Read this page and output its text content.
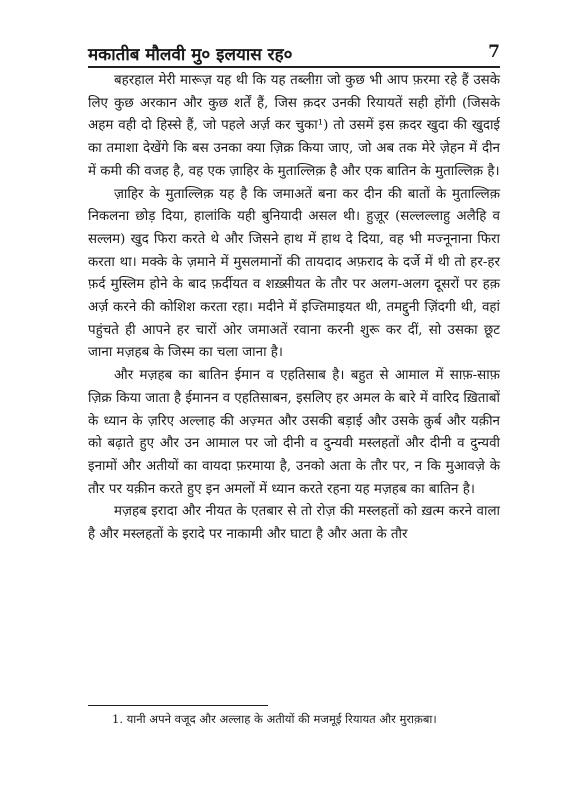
मकातीब मौलवी मु० इलयास रह०	7

बहरहाल मेरी मारूज़ यह थी कि यह तब्लीग़ जो कुछ भी आप फ़रमा रहे हैं उसके लिए कुछ अरकान और कुछ शर्तें हैं, जिस क़दर उनकी रियायतें सही होंगी (जिसके अहम वही दो हिस्से हैं, जो पहले अर्ज़ कर चुका¹) तो उसमें इस क़दर खुदा की खुदाई का तमाशा देखेंगे कि बस उनका क्या ज़िक्र किया जाए, जो अब तक मेरे ज़ेहन में दीन में कमी की वजह है, वह एक ज़ाहिर के मुताल्लिक़ है और एक बातिन के मुताल्लिक़ है।

ज़ाहिर के मुताल्लिक़ यह है कि जमाअतें बना कर दीन की बातों के मुताल्लिक़ निकलना छोड़ दिया, हालांकि यही बुनियादी असल थी। हुज़ूर (सल्लल्लाहु अलैहि व सल्लम) खुद फिरा करते थे और जिसने हाथ में हाथ दे दिया, वह भी मज्नूनाना फिरा करता था। मक्के के ज़माने में मुसलमानों की तायदाद अफ़राद के दर्जे में थी तो हर-हर फ़र्द मुस्लिम होने के बाद फ़र्दीयत व शख़्सीयत के तौर पर अलग-अलग दूसरों पर हक़ अर्ज़ करने की कोशिश करता रहा। मदीने में इज्तिमाइयत थी, तमद्दुनी ज़िंदगी थी, वहां पहुंचते ही आपने हर चारों ओर जमाअतें रवाना करनी शुरू कर दीं, सो उसका छूट जाना मज़हब के जिस्म का चला जाना है।

और मज़हब का बातिन ईमान व एहतिसाब है। बहुत से आमाल में साफ़-साफ़ ज़िक्र किया जाता है ईमानन व एहतिसाबन, इसलिए हर अमल के बारे में वारिद ख़िताबों के ध्यान के ज़रिए अल्लाह की अज़्मत और उसकी बड़ाई और उसके क़ुर्ब और यक़ीन को बढ़ाते हुए और उन आमाल पर जो दीनी व दुन्यवी मस्लहतों और दीनी व दुन्यवी इनामों और अतीयों का वायदा फ़रमाया है, उनको अता के तौर पर, न कि मुआवज़े के तौर पर यक़ीन करते हुए इन अमलों में ध्यान करते रहना यह मज़हब का बातिन है।

मज़हब इरादा और नीयत के एतबार से तो रोज़ की मस्लहतों को ख़त्म करने वाला है और मस्लहतों के इरादे पर नाकामी और घाटा है और अता के तौर

1. यानी अपने वजूद और अल्लाह के अतीयों की मजमूई रियायत और मुराक़बा।
